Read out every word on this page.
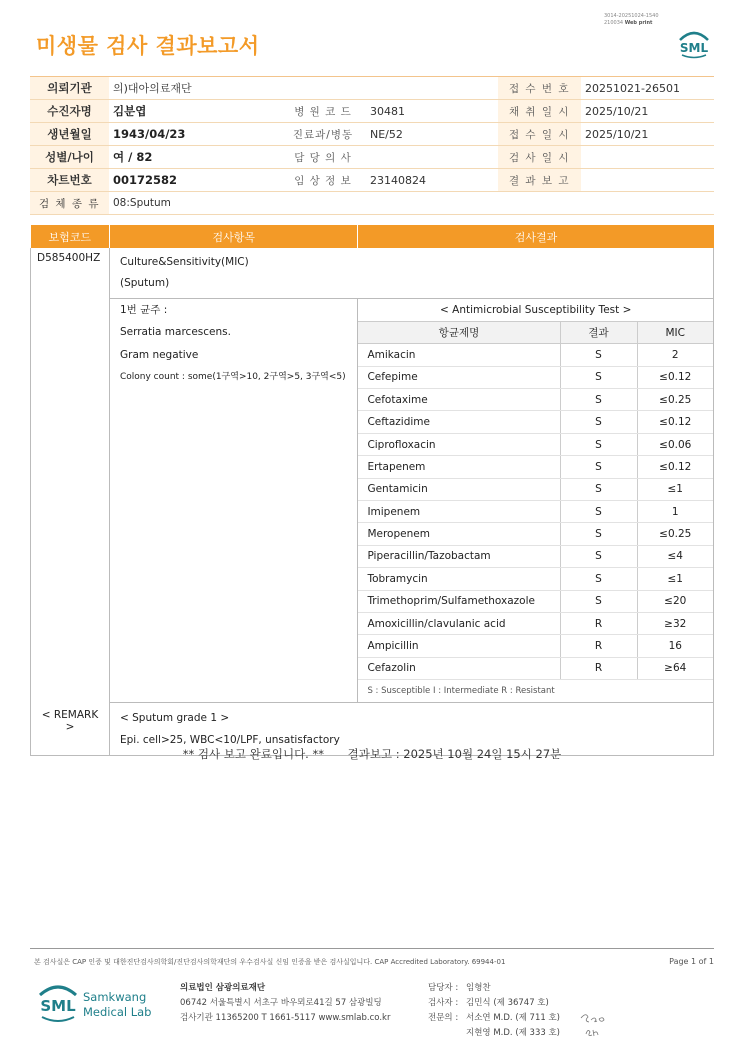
미생물 검사 결과보고서
3014-20251024-1540
210034 Web print
SML
의뢰기관	의)대아의료재단			접 수 번 호	20251021-26501
수진자명	김분엽	병 원 코 드	30481	채 취 일 시	2025/10/21
생년월일	1943/04/23	진료과/병동	NE/52	접 수 일 시	2025/10/21
성별/나이	여 / 82	담 당 의 사		검 사 일 시	
차트번호	00172582	임 상 정 보	23140824	결 과 보 고	
검 체 종 류	08:Sputum				
보험코드	검사항목	검사결과
D585400HZ	Culture&Sensitivity(MIC)
(Sputum)

1번 균주 :
Serratia marcescens.
Gram negative
Colony count : some(1구역>10, 2구역>5, 3구역<5)

< Antimicrobial Susceptibility Test >
항균제명	결과	MIC
Amikacin	S	2
Cefepime	S	≤0.12
Cefotaxime	S	≤0.25
Ceftazidime	S	≤0.12
Ciprofloxacin	S	≤0.06
Ertapenem	S	≤0.12
Gentamicin	S	≤1
Imipenem	S	1
Meropenem	S	≤0.25
Piperacillin/Tazobactam	S	≤4
Tobramycin	S	≤1
Trimethoprim/Sulfamethoxazole	S	≤20
Amoxicillin/clavulanic acid	R	≥32
Ampicillin	R	16
Cefazolin	R	≥64
S : Susceptible I : Intermediate R : Resistant

< REMARK >	
< Sputum grade 1 >
Epi. cell>25, WBC<10/LPF, unsatisfactory
** 검사 보고 완료입니다. ** 결과보고 : 2025년 10월 24일 15시 27분
본 검사실은 CAP 인증 및 대한진단검사의학회/진단검사의학재단의 우수검사실 신임 인증을 받은 검사실입니다. CAP Accredited Laboratory. 69944-01	Page 1 of 1
SML Samkwang
Medical Lab
의료법인 삼광의료재단
06742 서울특별시 서초구 바우뫼로41길 57 삼광빌딩
검사기관 11365200 T 1661-5117 www.smlab.co.kr
담당자 : 임형찬
검사자 : 김민식 (제 36747 호)
전문의 : 서소연 M.D. (제 711 호)
지현영 M.D. (제 333 호)
